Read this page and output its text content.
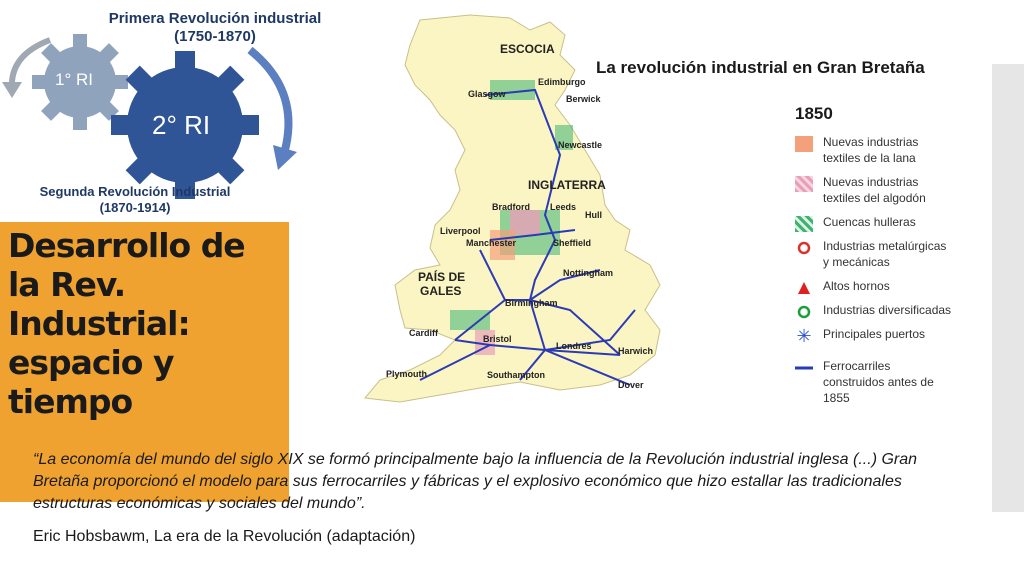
Primera Revolución industrial
(1750-1870)
1° RI
2° RI
Segunda Revolución Industrial
(1870-1914)
Desarrollo de
la Rev.
Industrial:
espacio y
tiempo
La revolución industrial en Gran Bretaña
ESCOCIA
INGLATERRA
PAÍS DE
GALES
Glasgow
Edimburgo
Berwick
Newcastle
Bradford Leeds
Hull
Liverpool
Manchester	Sheffield
Nottingham
Birmingham
Cardiff
Bristol
Londres	Harwich
Plymouth	Southampton
Dover
1850
Nuevas industrias
textiles de la lana
Nuevas industrias
textiles del algodón
Cuencas hulleras
Industrias metalúrgicas
y mecánicas
Altos hornos
Industrias diversificadas
✳ Principales puertos
Ferrocarriles
construidos antes de
1855
“La economía del mundo del siglo XIX se formó principalmente bajo la influencia de la Revolución industrial inglesa (...) Gran Bretaña proporcionó el modelo para sus ferrocarriles y fábricas y el explosivo económico que hizo estallar las tradicionales estructuras económicas y sociales del mundo”.
Eric Hobsbawm, La era de la Revolución (adaptación)
